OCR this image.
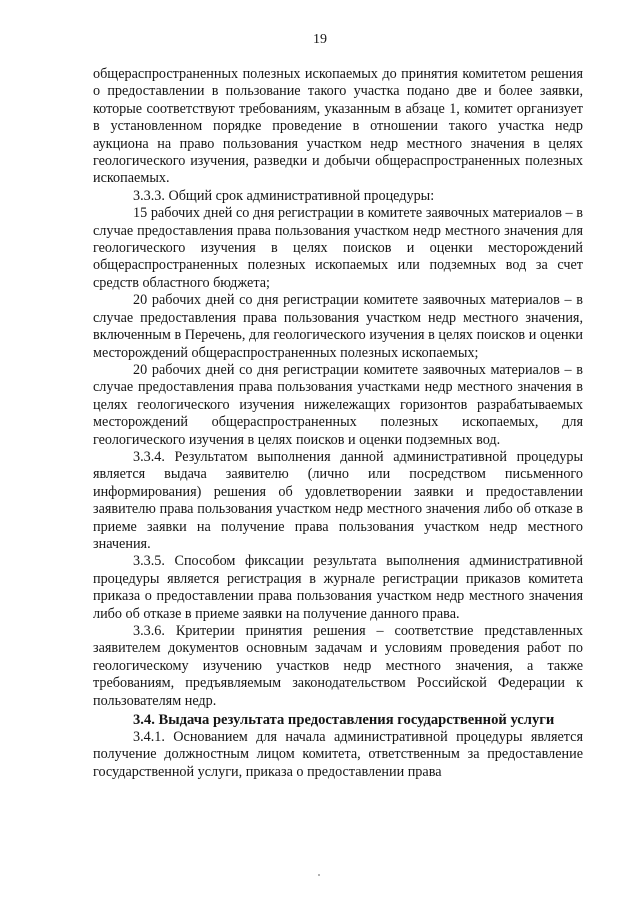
19

общераспространенных полезных ископаемых до принятия комитетом решения о предоставлении в пользование такого участка подано две и более заявки, которые соответствуют требованиям, указанным в абзаце 1, комитет организует в установленном порядке проведение в отношении такого участка недр аукциона на право пользования участком недр местного значения в целях геологического изучения, разведки и добычи общераспространенных полезных ископаемых.

3.3.3. Общий срок административной процедуры:

15 рабочих дней со дня регистрации в комитете заявочных материалов – в случае предоставления права пользования участком недр местного значения для геологического изучения в целях поисков и оценки месторождений общераспространенных полезных ископаемых или подземных вод за счет средств областного бюджета;

20 рабочих дней со дня регистрации комитете заявочных материалов – в случае предоставления права пользования участком недр местного значения, включенным в Перечень, для геологического изучения в целях поисков и оценки месторождений общераспространенных полезных ископаемых;

20 рабочих дней со дня регистрации комитете заявочных материалов – в случае предоставления права пользования участками недр местного значения в целях геологического изучения нижележащих горизонтов разрабатываемых месторождений общераспространенных полезных ископаемых, для геологического изучения в целях поисков и оценки подземных вод.

3.3.4. Результатом выполнения данной административной процедуры является выдача заявителю (лично или посредством письменного информирования) решения об удовлетворении заявки и предоставлении заявителю права пользования участком недр местного значения либо об отказе в приеме заявки на получение права пользования участком недр местного значения.

3.3.5. Способом фиксации результата выполнения административной процедуры является регистрация в журнале регистрации приказов комитета приказа о предоставлении права пользования участком недр местного значения либо об отказе в приеме заявки на получение данного права.

3.3.6. Критерии принятия решения – соответствие представленных заявителем документов основным задачам и условиям проведения работ по геологическому изучению участков недр местного значения, а также требованиям, предъявляемым законодательством Российской Федерации к пользователям недр.

3.4. Выдача результата предоставления государственной услуги

3.4.1. Основанием для начала административной процедуры является получение должностным лицом комитета, ответственным за предоставление государственной услуги, приказа о предоставлении права
